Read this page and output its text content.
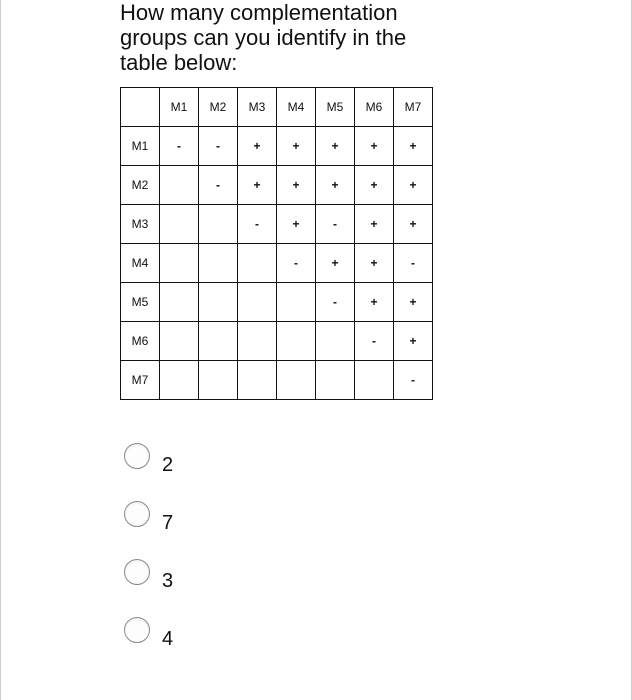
How many complementation groups can you identify in the table below:

	M1	M2	M3	M4	M5	M6	M7
M1	-	-	+	+	+	+	+
M2		-	+	+	+	+	+
M3			-	+	-	+	+
M4				-	+	+	-
M5					-	+	+
M6						-	+
M7							-
2
7
3
4
